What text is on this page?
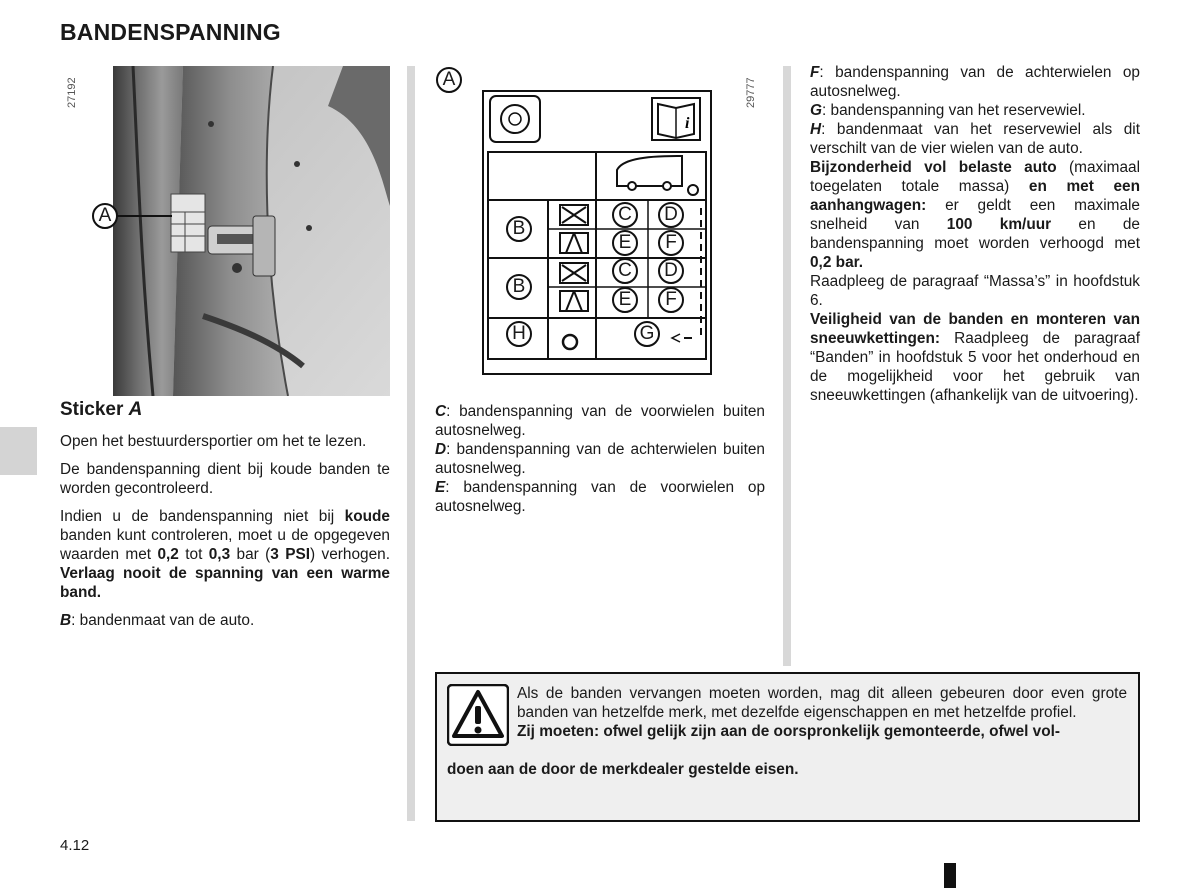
BANDENSPANNING
27192
A
A	29777
i
B
B
H
C	D
E	F
C	D
E	F
G
Sticker A

Open het bestuurdersportier om het te lezen.

De bandenspanning dient bij koude banden te worden gecontroleerd.

Indien u de bandenspanning niet bij koude banden kunt controleren, moet u de opgegeven waarden met 0,2 tot 0,3 bar (3 PSI) verhogen. Verlaag nooit de spanning van een warme band.

B: bandenmaat van de auto.

C: bandenspanning van de voorwielen buiten autosnelweg.

D: bandenspanning van de achterwielen buiten autosnelweg.

E: bandenspanning van de voorwielen op autosnelweg.

F: bandenspanning van de achterwielen op autosnelweg.

G: bandenspanning van het reservewiel.

H: bandenmaat van het reservewiel als dit verschilt van de vier wielen van de auto.

Bijzonderheid vol belaste auto (maximaal toegelaten totale massa) en met een aanhangwagen: er geldt een maximale snelheid van 100 km/uur en de bandenspanning moet worden verhoogd met 0,2 bar.

Raadpleeg de paragraaf “Massa’s” in hoofdstuk 6.

Veiligheid van de banden en monteren van sneeuwkettingen: Raadpleeg de paragraaf “Banden” in hoofdstuk 5 voor het onderhoud en de mogelijkheid voor het gebruik van sneeuwkettingen (afhankelijk van de uitvoering).

Als de banden vervangen moeten worden, mag dit alleen gebeuren door even grote banden van hetzelfde merk, met dezelfde eigenschappen en met hetzelfde profiel.

Zij moeten: ofwel gelijk zijn aan de oorspronkelijk gemonteerde, ofwel vol-

doen aan de door de merkdealer gestelde eisen.
4.12
